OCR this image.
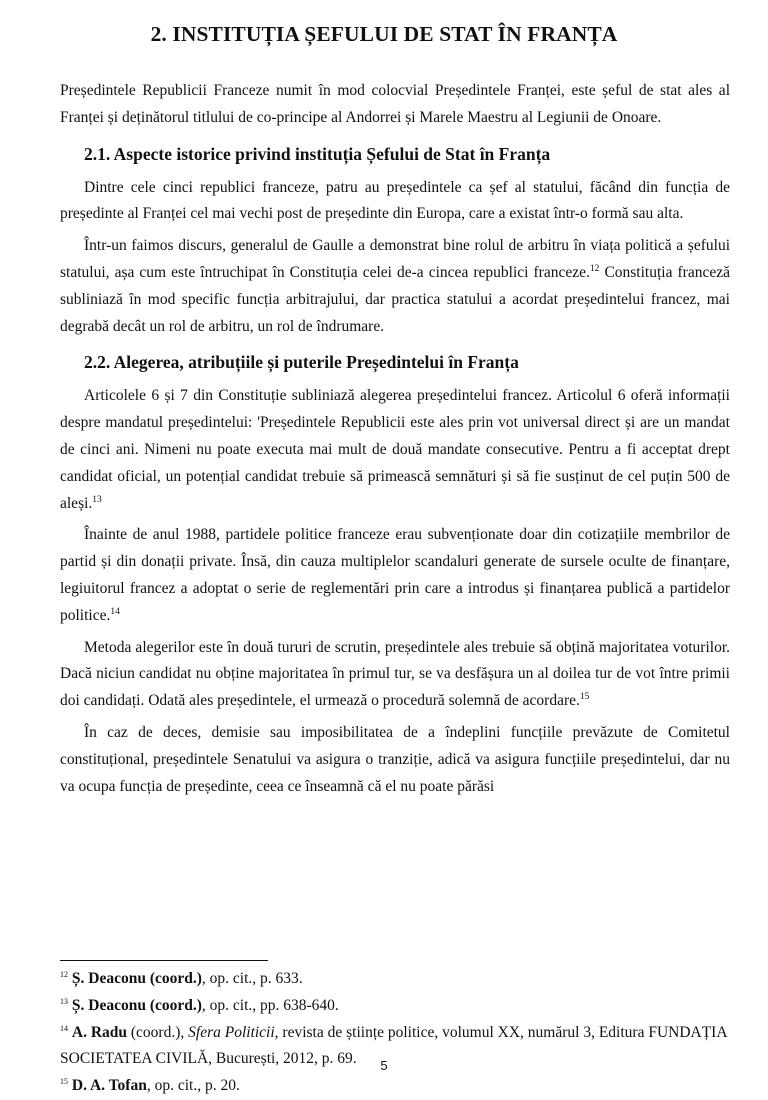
2. INSTITUȚIA ȘEFULUI DE STAT ÎN FRANȚA

Președintele Republicii Franceze numit în mod colocvial Președintele Franței, este șeful de stat ales al Franței și deținătorul titlului de co-principe al Andorrei și Marele Maestru al Legiunii de Onoare.

2.1. Aspecte istorice privind instituția Șefului de Stat în Franța

Dintre cele cinci republici franceze, patru au președintele ca șef al statului, făcând din funcția de președinte al Franței cel mai vechi post de președinte din Europa, care a existat într-o formă sau alta.

Într-un faimos discurs, generalul de Gaulle a demonstrat bine rolul de arbitru în viața politică a șefului statului, așa cum este întruchipat în Constituția celei de-a cincea republici franceze.$^{12}$ Constituția franceză subliniază în mod specific funcția arbitrajului, dar practica statului a acordat președintelui francez, mai degrabă decât un rol de arbitru, un rol de îndrumare.

2.2. Alegerea, atribuțiile și puterile Președintelui în Franța

Articolele 6 și 7 din Constituție subliniază alegerea președintelui francez. Articolul 6 oferă informații despre mandatul președintelui: 'Președintele Republicii este ales prin vot universal direct și are un mandat de cinci ani. Nimeni nu poate executa mai mult de două mandate consecutive. Pentru a fi acceptat drept candidat oficial, un potențial candidat trebuie să primească semnături și să fie susținut de cel puțin 500 de aleși.$^{13}$

Înainte de anul 1988, partidele politice franceze erau subvenționate doar din cotizațiile membrilor de partid și din donații private. Însă, din cauza multiplelor scandaluri generate de sursele oculte de finanțare, legiuitorul francez a adoptat o serie de reglementări prin care a introdus și finanțarea publică a partidelor politice.$^{14}$

Metoda alegerilor este în două tururi de scrutin, președintele ales trebuie să obțină majoritatea voturilor. Dacă niciun candidat nu obține majoritatea în primul tur, se va desfășura un al doilea tur de vot între primii doi candidați. Odată ales președintele, el urmează o procedură solemnă de acordare.$^{15}$

În caz de deces, demisie sau imposibilitatea de a îndeplini funcțiile prevăzute de Comitetul constituțional, președintele Senatului va asigura o tranziție, adică va asigura funcțiile președintelui, dar nu va ocupa funcția de președinte, ceea ce înseamnă că el nu poate părăsi

$^{12}$ Ș. Deaconu (coord.), op. cit., p. 633.

$^{13}$ Ș. Deaconu (coord.), op. cit., pp. 638-640.

$^{14}$ A. Radu (coord.), Sfera Politicii, revista de științe politice, volumul XX, numărul 3, Editura FUNDAȚIA SOCIETATEA CIVILĂ, București, 2012, p. 69.

$^{15}$ D. A. Tofan, op. cit., p. 20.

5
